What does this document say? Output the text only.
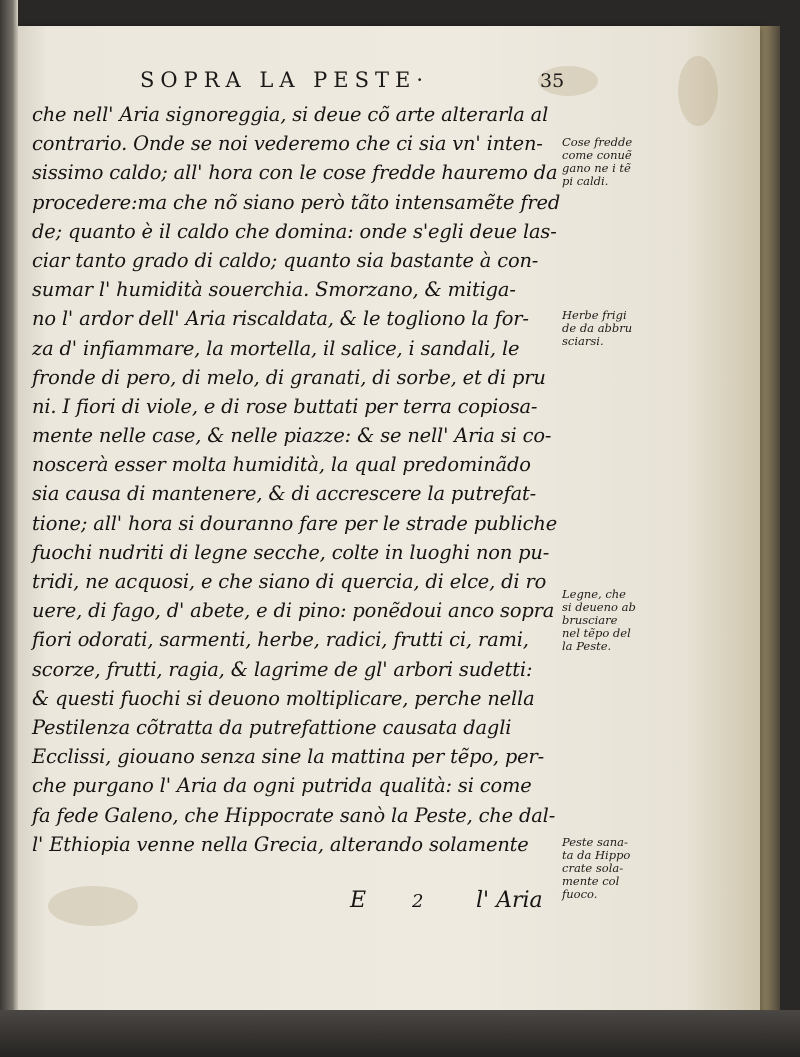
SOPRA LA PESTE·	35
che nell' Aria signoreggia, si deue cõ arte alterarla al
contrario. Onde se noi vederemo che ci sia vn' inten-
sissimo caldo; all' hora con le cose fredde hauremo da
procedere:ma che nõ siano però tãto intensamẽte fred
de; quanto è il caldo che domina: onde s'egli deue las-
ciar tanto grado di caldo; quanto sia bastante à con-
sumar l' humidità souerchia. Smorzano, & mitiga-
no l' ardor dell' Aria riscaldata, & le togliono la for-
za d' infiammare, la mortella, il salice, i sandali, le
fronde di pero, di melo, di granati, di sorbe, et di pru
ni. I fiori di viole, e di rose buttati per terra copiosa-
mente nelle case, & nelle piazze: & se nell' Aria si co-
noscerà esser molta humidità, la qual predominãdo
sia causa di mantenere, & di accrescere la putrefat-
tione; all' hora si douranno fare per le strade publiche
fuochi nudriti di legne secche, colte in luoghi non pu-
tridi, ne acquosi, e che siano di quercia, di elce, di ro
uere, di fago, d' abete, e di pino: ponẽdoui anco sopra
fiori odorati, sarmenti, herbe, radici, frutti ci, rami,
scorze, frutti, ragia, & lagrime de gl' arbori sudetti:
& questi fuochi si deuono moltiplicare, perche nella
Pestilenza cõtratta da putrefattione causata dagli
Ecclissi, giouano senza sine la mattina per tẽpo, per-
che purgano l' Aria da ogni putrida qualità: si come
fa fede Galeno, che Hippocrate sanò la Peste, che dal-
l' Ethiopia venne nella Grecia, alterando solamente
E	2 l' Aria
Cose fredde
come conuẽ
gano ne i tẽ
pi caldi.
Herbe frigi
de da abbru
sciarsi.
Legne, che
si deueno ab
brusciare
nel tẽpo del
la Peste.
Peste sana-
ta da Hippo
crate sola-
mente col
fuoco.
